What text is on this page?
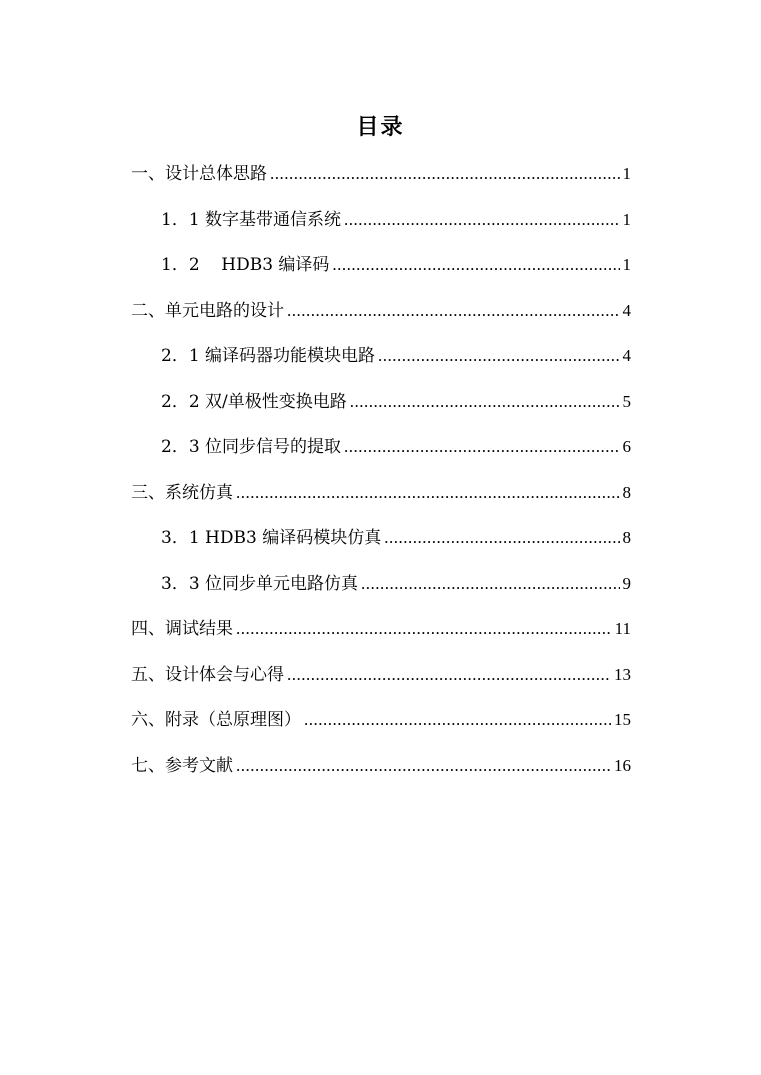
目录
一、设计总体思路 .....	1
1．1 数字基带通信系统 .....	1
1．2    HDB3 编译码 .....	1
二、单元电路的设计 .....	4
2．1 编译码器功能模块电路 .....	4
2．2 双/单极性变换电路 .....	5
2．3 位同步信号的提取 .....	6
三、系统仿真 .....	8
3．1 HDB3 编译码模块仿真 .....	8
3．3 位同步单元电路仿真 .....	9
四、调试结果 .....	11
五、设计体会与心得 .....	13
六、附录（总原理图） .....	15
七、参考文献 .....	16
